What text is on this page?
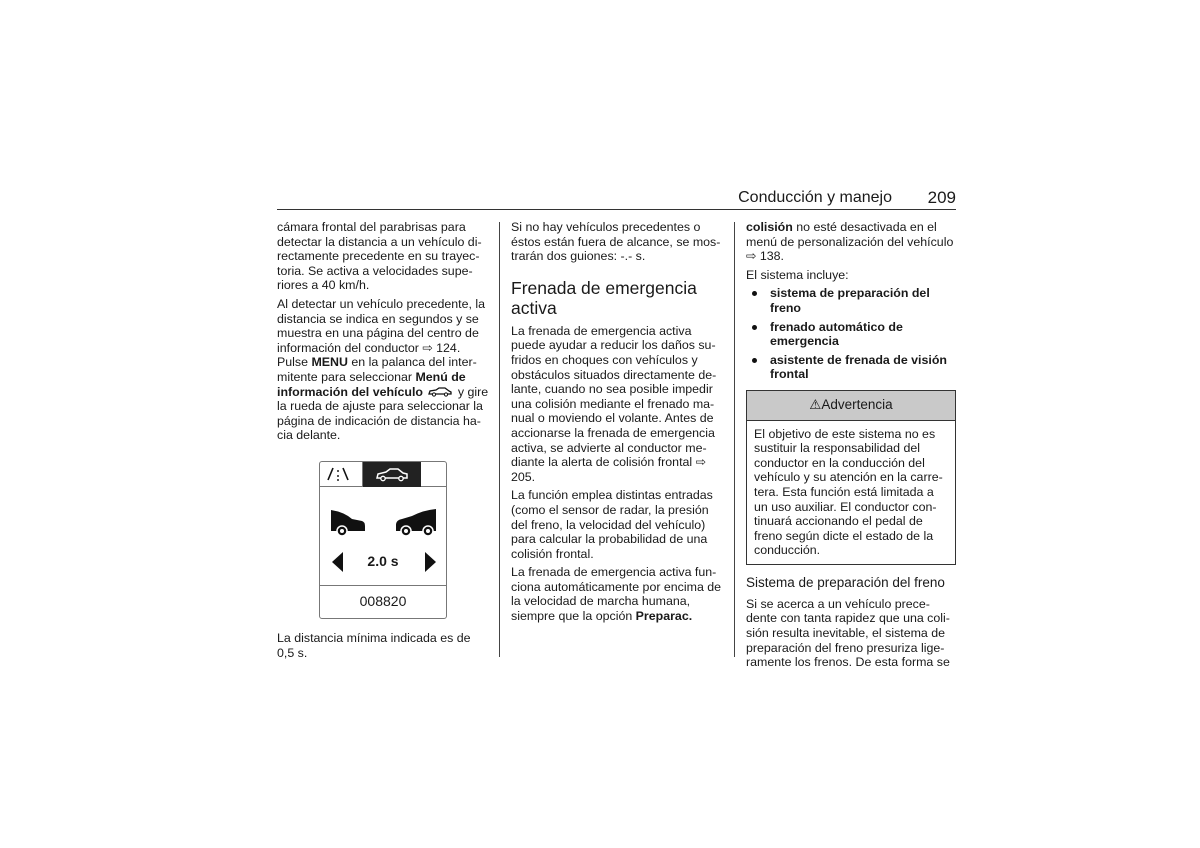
Conducción y manejo 209

cámara frontal del parabrisas para detectar la distancia a un vehículo di-rectamente precedente en su trayec-toria. Se activa a velocidades supe-riores a 40 km/h.

Al detectar un vehículo precedente, la distancia se indica en segundos y se muestra en una página del centro de información del conductor ⇨ 124. Pulse MENU en la palanca del inter-mitente para seleccionar Menú de información del vehículo	y gire la rueda de ajuste para seleccionar la página de indicación de distancia ha-cia delante.

2.0 s
008820

La distancia mínima indicada es de 0,5 s.

Si no hay vehículos precedentes o éstos están fuera de alcance, se mos-trarán dos guiones: -.- s.

Frenada de emergencia activa

La frenada de emergencia activa puede ayudar a reducir los daños su-fridos en choques con vehículos y obstáculos situados directamente de-lante, cuando no sea posible impedir una colisión mediante el frenado ma-nual o moviendo el volante. Antes de accionarse la frenada de emergencia activa, se advierte al conductor me-diante la alerta de colisión frontal ⇨ 205.

La función emplea distintas entradas (como el sensor de radar, la presión del freno, la velocidad del vehículo) para calcular la probabilidad de una colisión frontal.

La frenada de emergencia activa fun-ciona automáticamente por encima de la velocidad de marcha humana, siempre que la opción Preparac.

colisión no esté desactivada en el menú de personalización del vehículo ⇨ 138.

El sistema incluye:

sistema de preparación del freno
frenado automático de emergencia
asistente de frenada de visión frontal
⚠Advertencia
El objetivo de este sistema no es sustituir la responsabilidad del conductor en la conducción del vehículo y su atención en la carre-tera. Esta función está limitada a un uso auxiliar. El conductor con-tinuará accionando el pedal de freno según dicte el estado de la conducción.
Sistema de preparación del freno

Si se acerca a un vehículo prece-dente con tanta rapidez que una coli-sión resulta inevitable, el sistema de preparación del freno presuriza lige-ramente los frenos. De esta forma se
